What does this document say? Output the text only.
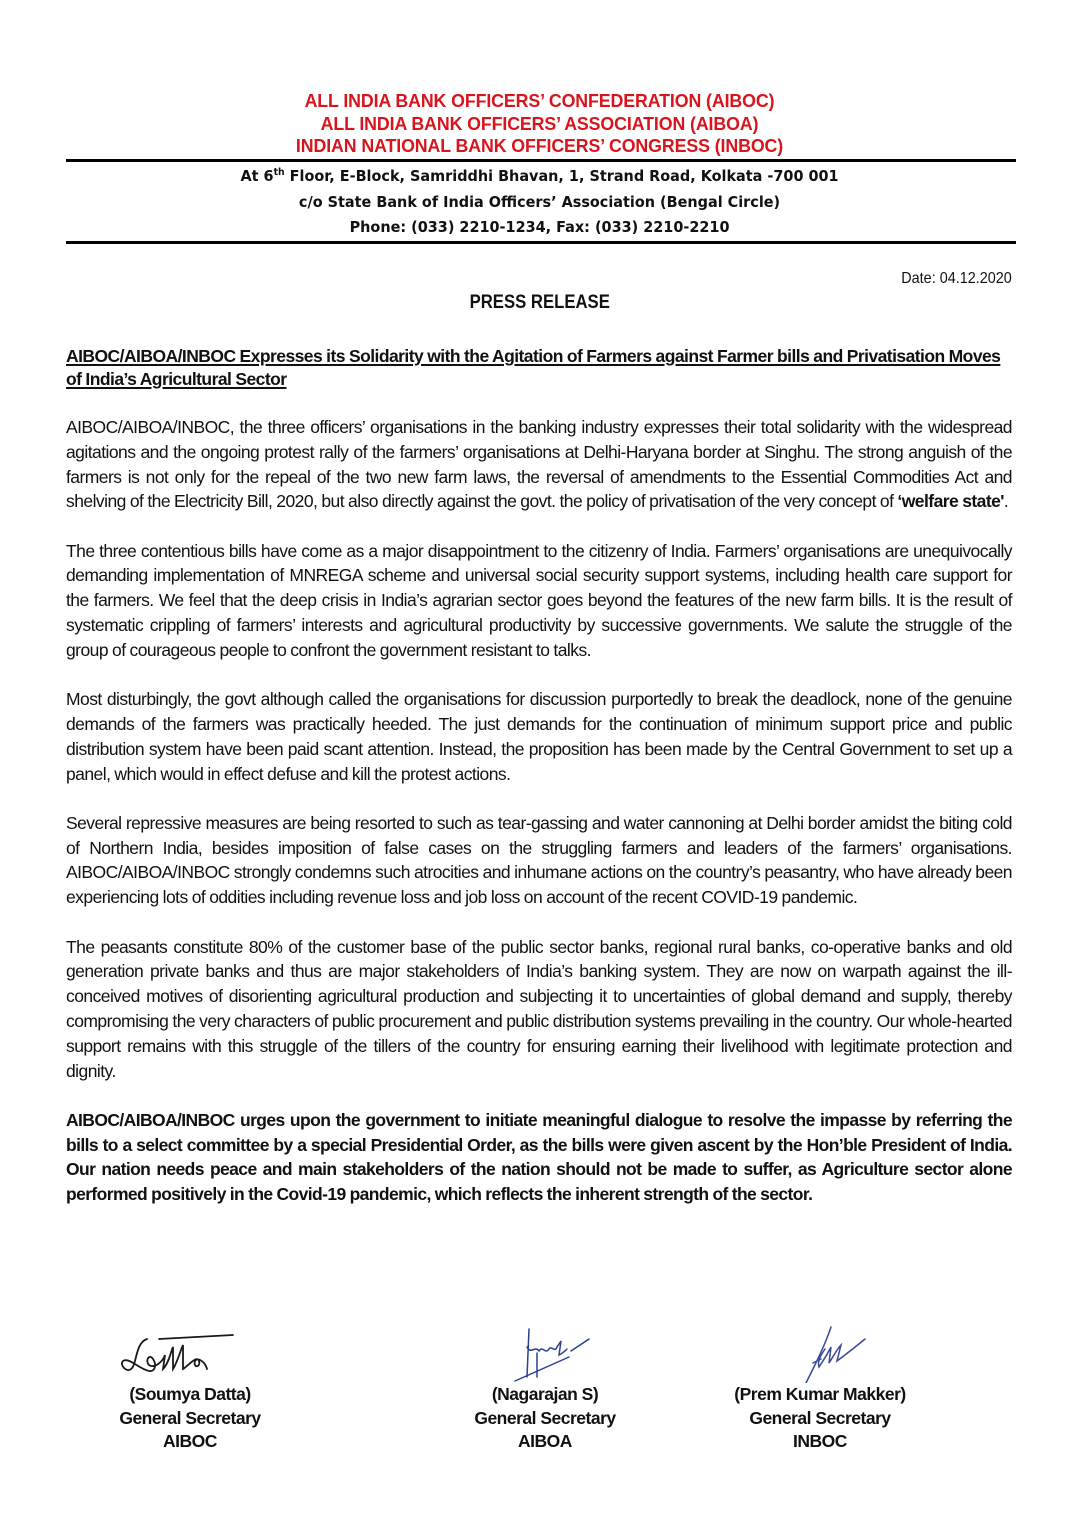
ALL INDIA BANK OFFICERS’ CONFEDERATION (AIBOC)
ALL INDIA BANK OFFICERS’ ASSOCIATION (AIBOA)
INDIAN NATIONAL BANK OFFICERS’ CONGRESS (INBOC)
At 6th Floor, E-Block, Samriddhi Bhavan, 1, Strand Road, Kolkata -700 001
c/o State Bank of India Officers’ Association (Bengal Circle)
Phone: (033) 2210-1234, Fax: (033) 2210-2210
Date: 04.12.2020
PRESS RELEASE

AIBOC/AIBOA/INBOC Expresses its Solidarity with the Agitation of Farmers against Farmer bills and Privatisation Moves of India’s Agricultural Sector

AIBOC/AIBOA/INBOC, the three officers’ organisations in the banking industry expresses their total solidarity with the widespread agitations and the ongoing protest rally of the farmers’ organisations at Delhi-Haryana border at Singhu. The strong anguish of the farmers is not only for the repeal of the two new farm laws, the reversal of amendments to the Essential Commodities Act and shelving of the Electricity Bill, 2020, but also directly against the govt. the policy of privatisation of the very concept of ‘welfare state'.

The three contentious bills have come as a major disappointment to the citizenry of India. Farmers’ organisations are unequivocally demanding implementation of MNREGA scheme and universal social security support systems, including health care support for the farmers. We feel that the deep crisis in India’s agrarian sector goes beyond the features of the new farm bills. It is the result of systematic crippling of farmers’ interests and agricultural productivity by successive governments. We salute the struggle of the group of courageous people to confront the government resistant to talks.

Most disturbingly, the govt although called the organisations for discussion purportedly to break the deadlock, none of the genuine demands of the farmers was practically heeded. The just demands for the continuation of minimum support price and public distribution system have been paid scant attention. Instead, the proposition has been made by the Central Government to set up a panel, which would in effect defuse and kill the protest actions.

Several repressive measures are being resorted to such as tear-gassing and water cannoning at Delhi border amidst the biting cold of Northern India, besides imposition of false cases on the struggling farmers and leaders of the farmers’ organisations. AIBOC/AIBOA/INBOC strongly condemns such atrocities and inhumane actions on the country’s peasantry, who have already been experiencing lots of oddities including revenue loss and job loss on account of the recent COVID-19 pandemic.

The peasants constitute 80% of the customer base of the public sector banks, regional rural banks, co-operative banks and old generation private banks and thus are major stakeholders of India’s banking system. They are now on warpath against the ill-conceived motives of disorienting agricultural production and subjecting it to uncertainties of global demand and supply, thereby compromising the very characters of public procurement and public distribution systems prevailing in the country. Our whole-hearted support remains with this struggle of the tillers of the country for ensuring earning their livelihood with legitimate protection and dignity.

AIBOC/AIBOA/INBOC urges upon the government to initiate meaningful dialogue to resolve the impasse by referring the bills to a select committee by a special Presidential Order, as the bills were given ascent by the Hon’ble President of India. Our nation needs peace and main stakeholders of the nation should not be made to suffer, as Agriculture sector alone performed positively in the Covid-19 pandemic, which reflects the inherent strength of the sector.

(Soumya Datta)
General Secretary
AIBOC
(Nagarajan S)
General Secretary
AIBOA
(Prem Kumar Makker)
General Secretary
INBOC
